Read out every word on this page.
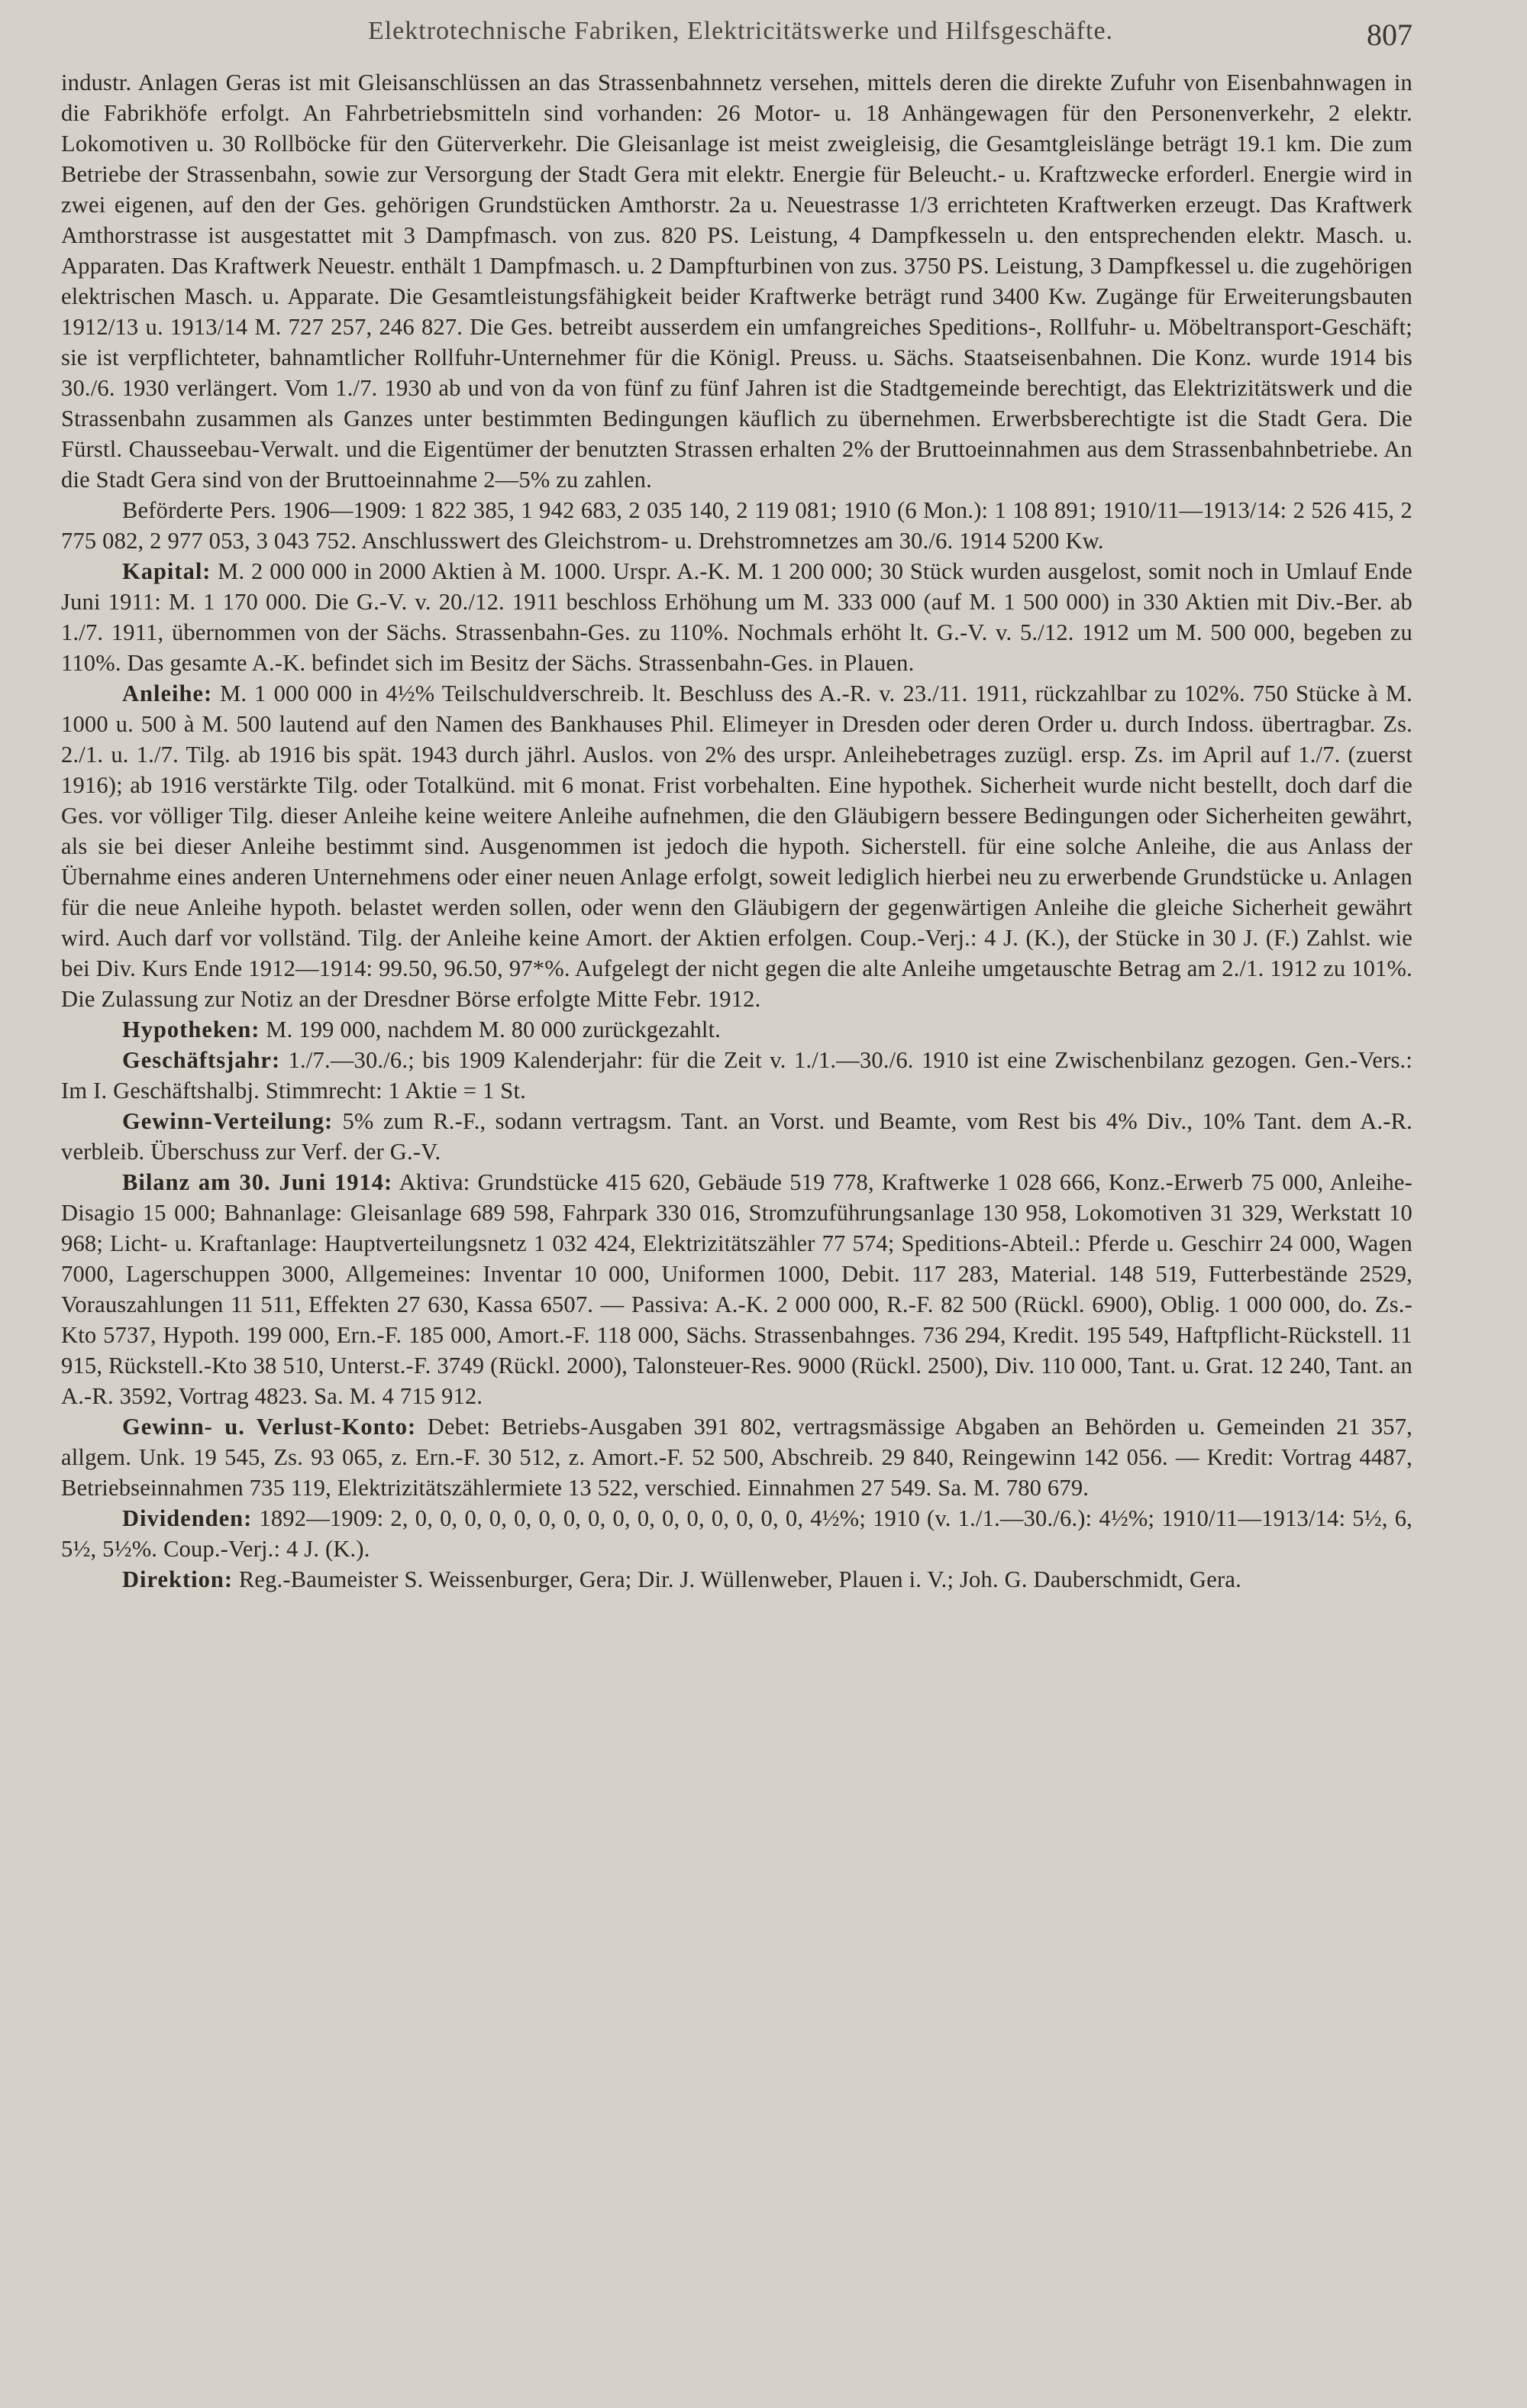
Elektrotechnische Fabriken, Elektricitätswerke und Hilfsgeschäfte.	807

industr. Anlagen Geras ist mit Gleisanschlüssen an das Strassenbahnnetz versehen, mittels deren die direkte Zufuhr von Eisenbahnwagen in die Fabrikhöfe erfolgt. An Fahrbetriebsmitteln sind vorhanden: 26 Motor- u. 18 Anhängewagen für den Personenverkehr, 2 elektr. Lokomotiven u. 30 Rollböcke für den Güterverkehr. Die Gleisanlage ist meist zweigleisig, die Gesamtgleislänge beträgt 19.1 km. Die zum Betriebe der Strassenbahn, sowie zur Versorgung der Stadt Gera mit elektr. Energie für Beleucht.- u. Kraftzwecke erforderl. Energie wird in zwei eigenen, auf den der Ges. gehörigen Grundstücken Amthorstr. 2a u. Neuestrasse 1/3 errichteten Kraftwerken erzeugt. Das Kraftwerk Amthorstrasse ist ausgestattet mit 3 Dampfmasch. von zus. 820 PS. Leistung, 4 Dampfkesseln u. den entsprechenden elektr. Masch. u. Apparaten. Das Kraftwerk Neuestr. enthält 1 Dampfmasch. u. 2 Dampfturbinen von zus. 3750 PS. Leistung, 3 Dampfkessel u. die zugehörigen elektrischen Masch. u. Apparate. Die Gesamtleistungsfähigkeit beider Kraftwerke beträgt rund 3400 Kw. Zugänge für Erweiterungsbauten 1912/13 u. 1913/14 M. 727 257, 246 827. Die Ges. betreibt ausserdem ein umfangreiches Speditions-, Rollfuhr- u. Möbeltransport-Geschäft; sie ist verpflichteter, bahnamtlicher Rollfuhr-Unternehmer für die Königl. Preuss. u. Sächs. Staatseisenbahnen. Die Konz. wurde 1914 bis 30./6. 1930 verlängert. Vom 1./7. 1930 ab und von da von fünf zu fünf Jahren ist die Stadtgemeinde berechtigt, das Elektrizitätswerk und die Strassenbahn zusammen als Ganzes unter bestimmten Bedingungen käuflich zu übernehmen. Erwerbsberechtigte ist die Stadt Gera. Die Fürstl. Chausseebau-Verwalt. und die Eigentümer der benutzten Strassen erhalten 2% der Bruttoeinnahmen aus dem Strassenbahnbetriebe. An die Stadt Gera sind von der Bruttoeinnahme 2—5% zu zahlen.

Beförderte Pers. 1906—1909: 1 822 385, 1 942 683, 2 035 140, 2 119 081; 1910 (6 Mon.): 1 108 891; 1910/11—1913/14: 2 526 415, 2 775 082, 2 977 053, 3 043 752. Anschlusswert des Gleichstrom- u. Drehstromnetzes am 30./6. 1914 5200 Kw.

Kapital: M. 2 000 000 in 2000 Aktien à M. 1000. Urspr. A.-K. M. 1 200 000; 30 Stück wurden ausgelost, somit noch in Umlauf Ende Juni 1911: M. 1 170 000. Die G.-V. v. 20./12. 1911 beschloss Erhöhung um M. 333 000 (auf M. 1 500 000) in 330 Aktien mit Div.-Ber. ab 1./7. 1911, übernommen von der Sächs. Strassenbahn-Ges. zu 110%. Nochmals erhöht lt. G.-V. v. 5./12. 1912 um M. 500 000, begeben zu 110%. Das gesamte A.-K. befindet sich im Besitz der Sächs. Strassenbahn-Ges. in Plauen.

Anleihe: M. 1 000 000 in 4½% Teilschuldverschreib. lt. Beschluss des A.-R. v. 23./11. 1911, rückzahlbar zu 102%. 750 Stücke à M. 1000 u. 500 à M. 500 lautend auf den Namen des Bankhauses Phil. Elimeyer in Dresden oder deren Order u. durch Indoss. übertragbar. Zs. 2./1. u. 1./7. Tilg. ab 1916 bis spät. 1943 durch jährl. Auslos. von 2% des urspr. Anleihebetrages zuzügl. ersp. Zs. im April auf 1./7. (zuerst 1916); ab 1916 verstärkte Tilg. oder Totalkünd. mit 6 monat. Frist vorbehalten. Eine hypothek. Sicherheit wurde nicht bestellt, doch darf die Ges. vor völliger Tilg. dieser Anleihe keine weitere Anleihe aufnehmen, die den Gläubigern bessere Bedingungen oder Sicherheiten gewährt, als sie bei dieser Anleihe bestimmt sind. Ausgenommen ist jedoch die hypoth. Sicherstell. für eine solche Anleihe, die aus Anlass der Übernahme eines anderen Unternehmens oder einer neuen Anlage erfolgt, soweit lediglich hierbei neu zu erwerbende Grundstücke u. Anlagen für die neue Anleihe hypoth. belastet werden sollen, oder wenn den Gläubigern der gegenwärtigen Anleihe die gleiche Sicherheit gewährt wird. Auch darf vor vollständ. Tilg. der Anleihe keine Amort. der Aktien erfolgen. Coup.-Verj.: 4 J. (K.), der Stücke in 30 J. (F.) Zahlst. wie bei Div. Kurs Ende 1912—1914: 99.50, 96.50, 97*%. Aufgelegt der nicht gegen die alte Anleihe umgetauschte Betrag am 2./1. 1912 zu 101%. Die Zulassung zur Notiz an der Dresdner Börse erfolgte Mitte Febr. 1912.

Hypotheken: M. 199 000, nachdem M. 80 000 zurückgezahlt.

Geschäftsjahr: 1./7.—30./6.; bis 1909 Kalenderjahr: für die Zeit v. 1./1.—30./6. 1910 ist eine Zwischenbilanz gezogen. Gen.-Vers.: Im I. Geschäftshalbj. Stimmrecht: 1 Aktie = 1 St.

Gewinn-Verteilung: 5% zum R.-F., sodann vertragsm. Tant. an Vorst. und Beamte, vom Rest bis 4% Div., 10% Tant. dem A.-R. verbleib. Überschuss zur Verf. der G.-V.

Bilanz am 30. Juni 1914: Aktiva: Grundstücke 415 620, Gebäude 519 778, Kraftwerke 1 028 666, Konz.-Erwerb 75 000, Anleihe-Disagio 15 000; Bahnanlage: Gleisanlage 689 598, Fahrpark 330 016, Stromzuführungsanlage 130 958, Lokomotiven 31 329, Werkstatt 10 968; Licht- u. Kraftanlage: Hauptverteilungsnetz 1 032 424, Elektrizitätszähler 77 574; Speditions-Abteil.: Pferde u. Geschirr 24 000, Wagen 7000, Lagerschuppen 3000, Allgemeines: Inventar 10 000, Uniformen 1000, Debit. 117 283, Material. 148 519, Futterbestände 2529, Vorauszahlungen 11 511, Effekten 27 630, Kassa 6507. — Passiva: A.-K. 2 000 000, R.-F. 82 500 (Rückl. 6900), Oblig. 1 000 000, do. Zs.-Kto 5737, Hypoth. 199 000, Ern.-F. 185 000, Amort.-F. 118 000, Sächs. Strassenbahnges. 736 294, Kredit. 195 549, Haftpflicht-Rückstell. 11 915, Rückstell.-Kto 38 510, Unterst.-F. 3749 (Rückl. 2000), Talonsteuer-Res. 9000 (Rückl. 2500), Div. 110 000, Tant. u. Grat. 12 240, Tant. an A.-R. 3592, Vortrag 4823. Sa. M. 4 715 912.

Gewinn- u. Verlust-Konto: Debet: Betriebs-Ausgaben 391 802, vertragsmässige Abgaben an Behörden u. Gemeinden 21 357, allgem. Unk. 19 545, Zs. 93 065, z. Ern.-F. 30 512, z. Amort.-F. 52 500, Abschreib. 29 840, Reingewinn 142 056. — Kredit: Vortrag 4487, Betriebseinnahmen 735 119, Elektrizitätszählermiete 13 522, verschied. Einnahmen 27 549. Sa. M. 780 679.

Dividenden: 1892—1909: 2, 0, 0, 0, 0, 0, 0, 0, 0, 0, 0, 0, 0, 0, 0, 0, 0, 4½%; 1910 (v. 1./1.—30./6.): 4½%; 1910/11—1913/14: 5½, 6, 5½, 5½%. Coup.-Verj.: 4 J. (K.).

Direktion: Reg.-Baumeister S. Weissenburger, Gera; Dir. J. Wüllenweber, Plauen i. V.; Joh. G. Dauberschmidt, Gera.
